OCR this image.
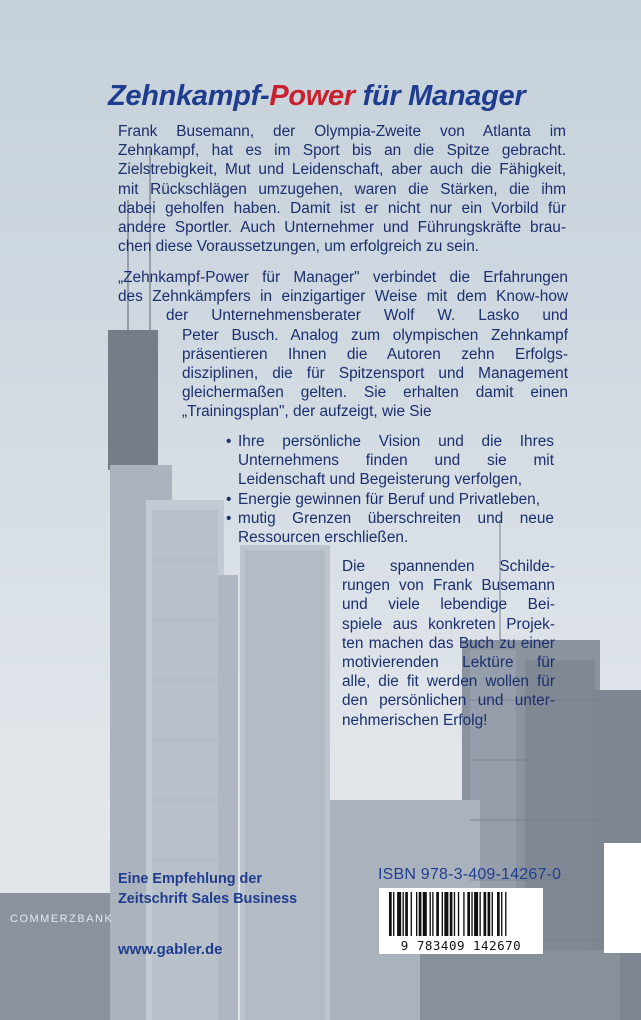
COMMERZBANK
Zehnkampf-Power für Manager
Frank Busemann, der Olympia-Zweite von Atlanta im
Zehnkampf, hat es im Sport bis an die Spitze gebracht.
Zielstrebigkeit, Mut und Leidenschaft, aber auch die Fähigkeit,
mit Rückschlägen umzugehen, waren die Stärken, die ihm
dabei geholfen haben. Damit ist er nicht nur ein Vorbild für
andere Sportler. Auch Unternehmer und Führungskräfte brau-
chen diese Voraussetzungen, um erfolgreich zu sein.
„Zehnkampf-Power für Manager" verbindet die Erfahrungen
des Zehnkämpfers in einzigartiger Weise mit dem Know-how
der Unternehmensberater Wolf W. Lasko und
Peter Busch. Analog zum olympischen Zehnkampf
präsentieren Ihnen die Autoren zehn Erfolgs-
disziplinen, die für Spitzensport und Management
gleichermaßen gelten. Sie erhalten damit einen
„Trainingsplan", der aufzeigt, wie Sie
• Ihre persönliche Vision und die Ihres
Unternehmens finden und sie mit
Leidenschaft und Begeisterung verfolgen,
• Energie gewinnen für Beruf und Privatleben,
• mutig Grenzen überschreiten und neue
Ressourcen erschließen.
Die spannenden Schilde-
rungen von Frank Busemann
und viele lebendige Bei-
spiele aus konkreten Projek-
ten machen das Buch zu einer
motivierenden Lektüre für
alle, die fit werden wollen für
den persönlichen und unter-
nehmerischen Erfolg!
Eine Empfehlung der
Zeitschrift Sales Business
www.gabler.de
ISBN 978-3-409-14267-0
9 783409 142670
